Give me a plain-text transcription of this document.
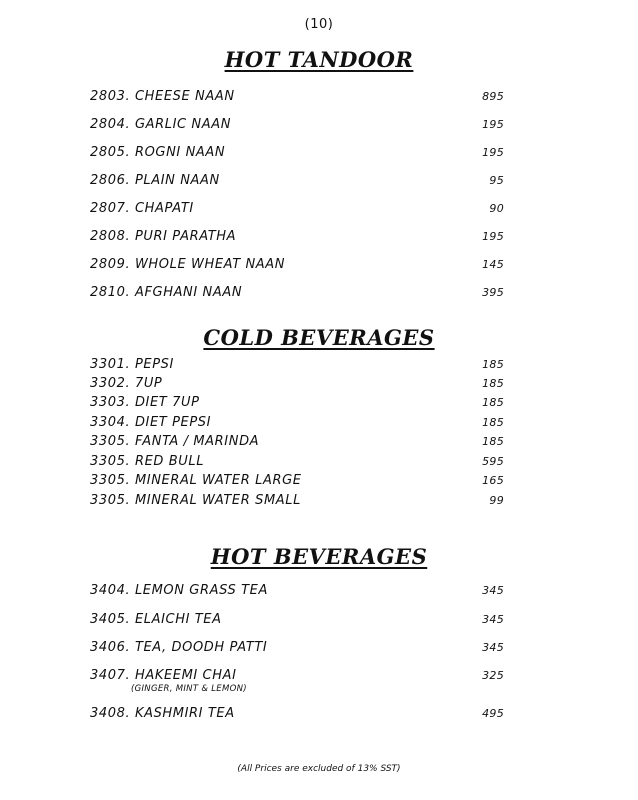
(10)
HOT TANDOOR
2803. CHEESE NAAN	895
2804. GARLIC NAAN	195
2805. ROGNI NAAN	195
2806. PLAIN NAAN	95
2807. CHAPATI	90
2808. PURI PARATHA	195
2809. WHOLE WHEAT NAAN	145
2810. AFGHANI NAAN	395
COLD BEVERAGES
3301. PEPSI	185
3302. 7UP	185
3303. DIET 7UP	185
3304. DIET PEPSI	185
3305. FANTA / MARINDA	185
3305. RED BULL	595
3305. MINERAL WATER LARGE	165
3305. MINERAL WATER SMALL	99
HOT BEVERAGES
3404. LEMON GRASS TEA	345
3405. ELAICHI TEA	345
3406. TEA, DOODH PATTI	345
3407. HAKEEMI CHAI	325
(GINGER, MINT & LEMON)
3408. KASHMIRI TEA	495
(All Prices are excluded of 13% SST)
